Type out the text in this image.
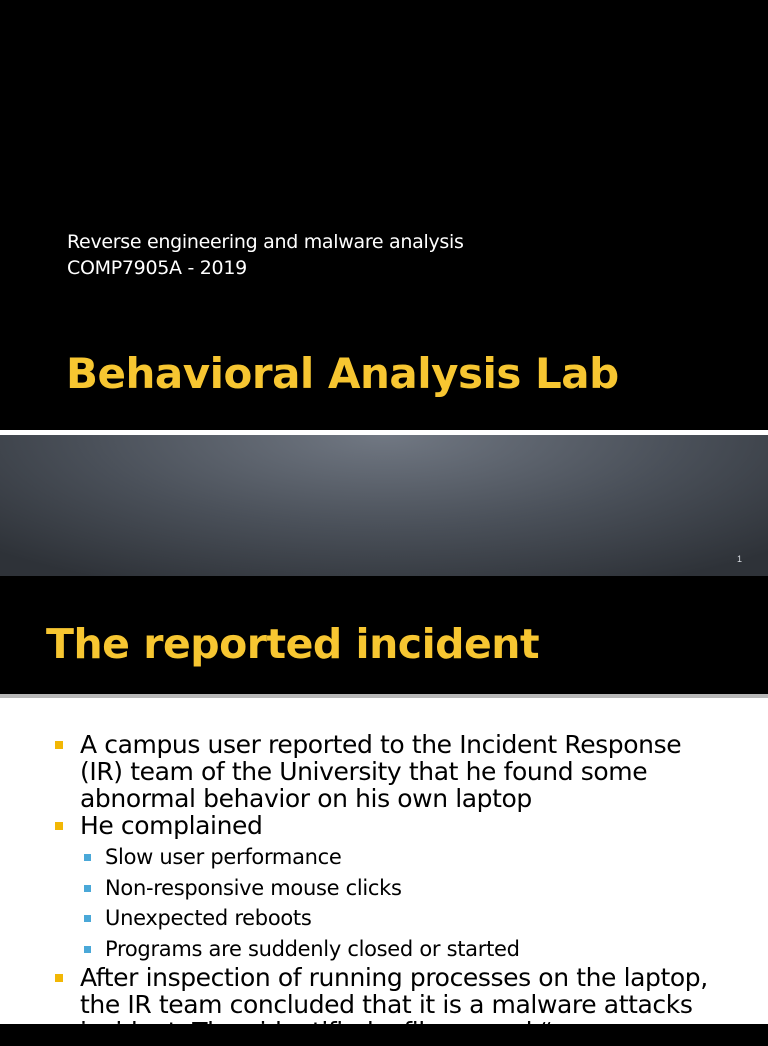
Reverse engineering and malware analysis
COMP7905A - 2019
Behavioral Analysis Lab
1
The reported incident

A campus user reported to the Incident Response (IR) team of the University that he found some abnormal behavior on his own laptop

He complained

Slow user performance

Non-responsive mouse clicks

Unexpected reboots

Programs are suddenly closed or started

After inspection of running processes on the laptop, the IR team concluded that it is a malware attacks incident. They identified a file named “
